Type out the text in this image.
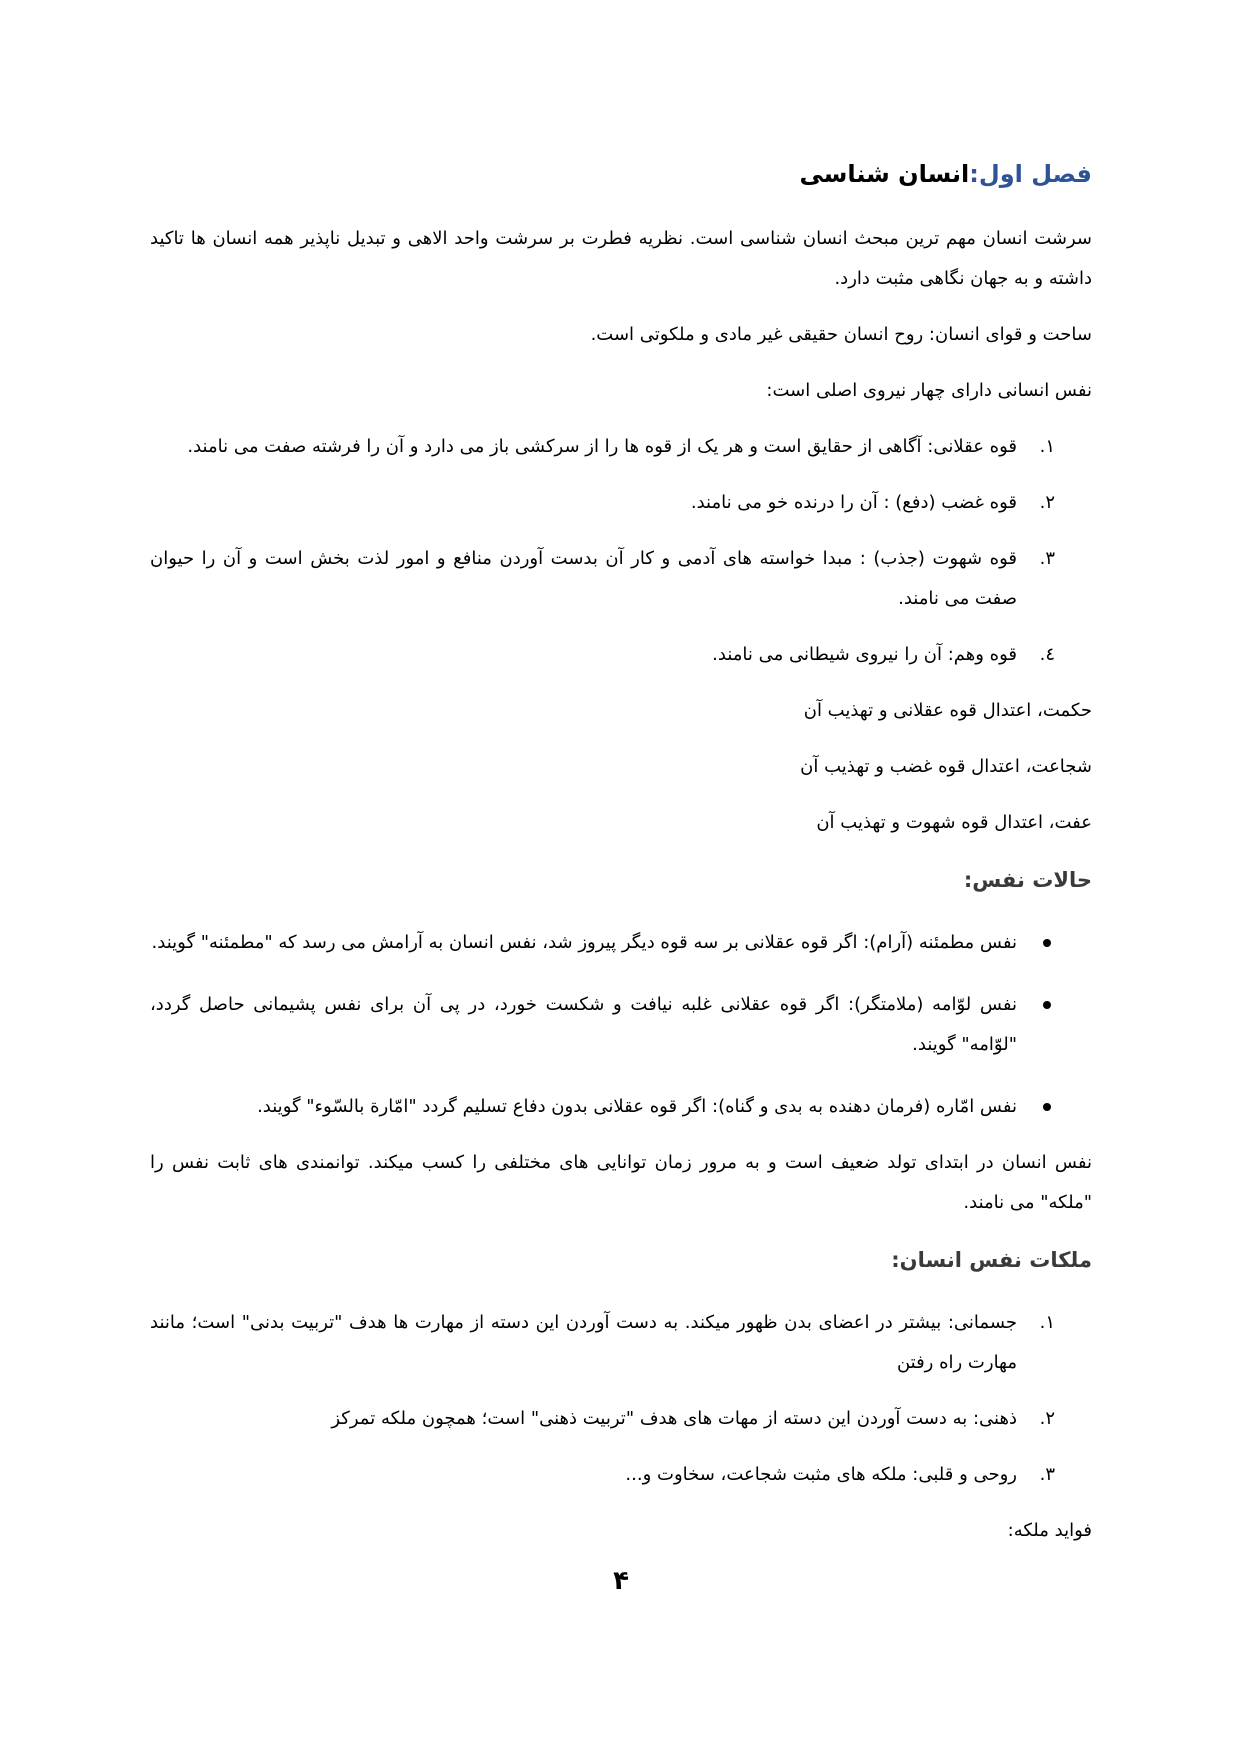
فصل اول:انسان شناسی

سرشت انسان مهم ترین مبحث انسان شناسی است. نظریه فطرت بر سرشت واحد الاهی و تبدیل ناپذیر همه انسان ها تاکید داشته و به جهان نگاهی مثبت دارد.

ساحت و قوای انسان: روح انسان حقیقی غیر مادی و ملکوتی است.

نفس انسانی دارای چهار نیروی اصلی است:

۱.
قوه عقلانی: آگاهی از حقایق است و هر یک از قوه ها را از سرکشی باز می دارد و آن را فرشته صفت می نامند.
۲.
قوه غضب (دفع) : آن را درنده خو می نامند.
۳.
قوه شهوت (جذب) : مبدا خواسته های آدمی و کار آن بدست آوردن منافع و امور لذت بخش است و آن را حیوان صفت می نامند.
٤.
قوه وهم: آن را نیروی شیطانی می نامند.

حکمت، اعتدال قوه عقلانی و تهذیب آن

شجاعت، اعتدال قوه غضب و تهذیب آن

عفت، اعتدال قوه شهوت و تهذیب آن

حالات نفس:
نفس مطمئنه (آرام): اگر قوه عقلانی بر سه قوه دیگر پیروز شد، نفس انسان به آرامش می رسد که "مطمئنه" گویند.
نفس لوّامه (ملامتگر): اگر قوه عقلانی غلبه نیافت و شکست خورد، در پی آن برای نفس پشیمانی حاصل گردد، "لوّامه" گویند.
نفس امّاره (فرمان دهنده به بدی و گناه): اگر قوه عقلانی بدون دفاع تسلیم گردد "امّارة بالسّوء" گویند.

نفس انسان در ابتدای تولد ضعیف است و به مرور زمان توانایی های مختلفی را کسب میکند. توانمندی های ثابت نفس را "ملکه" می نامند.

ملکات نفس انسان:
۱.
جسمانی: بیشتر در اعضای بدن ظهور میکند. به دست آوردن این دسته از مهارت ها هدف "تربیت بدنی" است؛ مانند مهارت راه رفتن
۲.
ذهنی: به دست آوردن این دسته از مهات های هدف "تربیت ذهنی" است؛ همچون ملکه تمرکز
۳.
روحی و قلبی: ملکه های مثبت شجاعت، سخاوت و...

فواید ملکه:

۴
